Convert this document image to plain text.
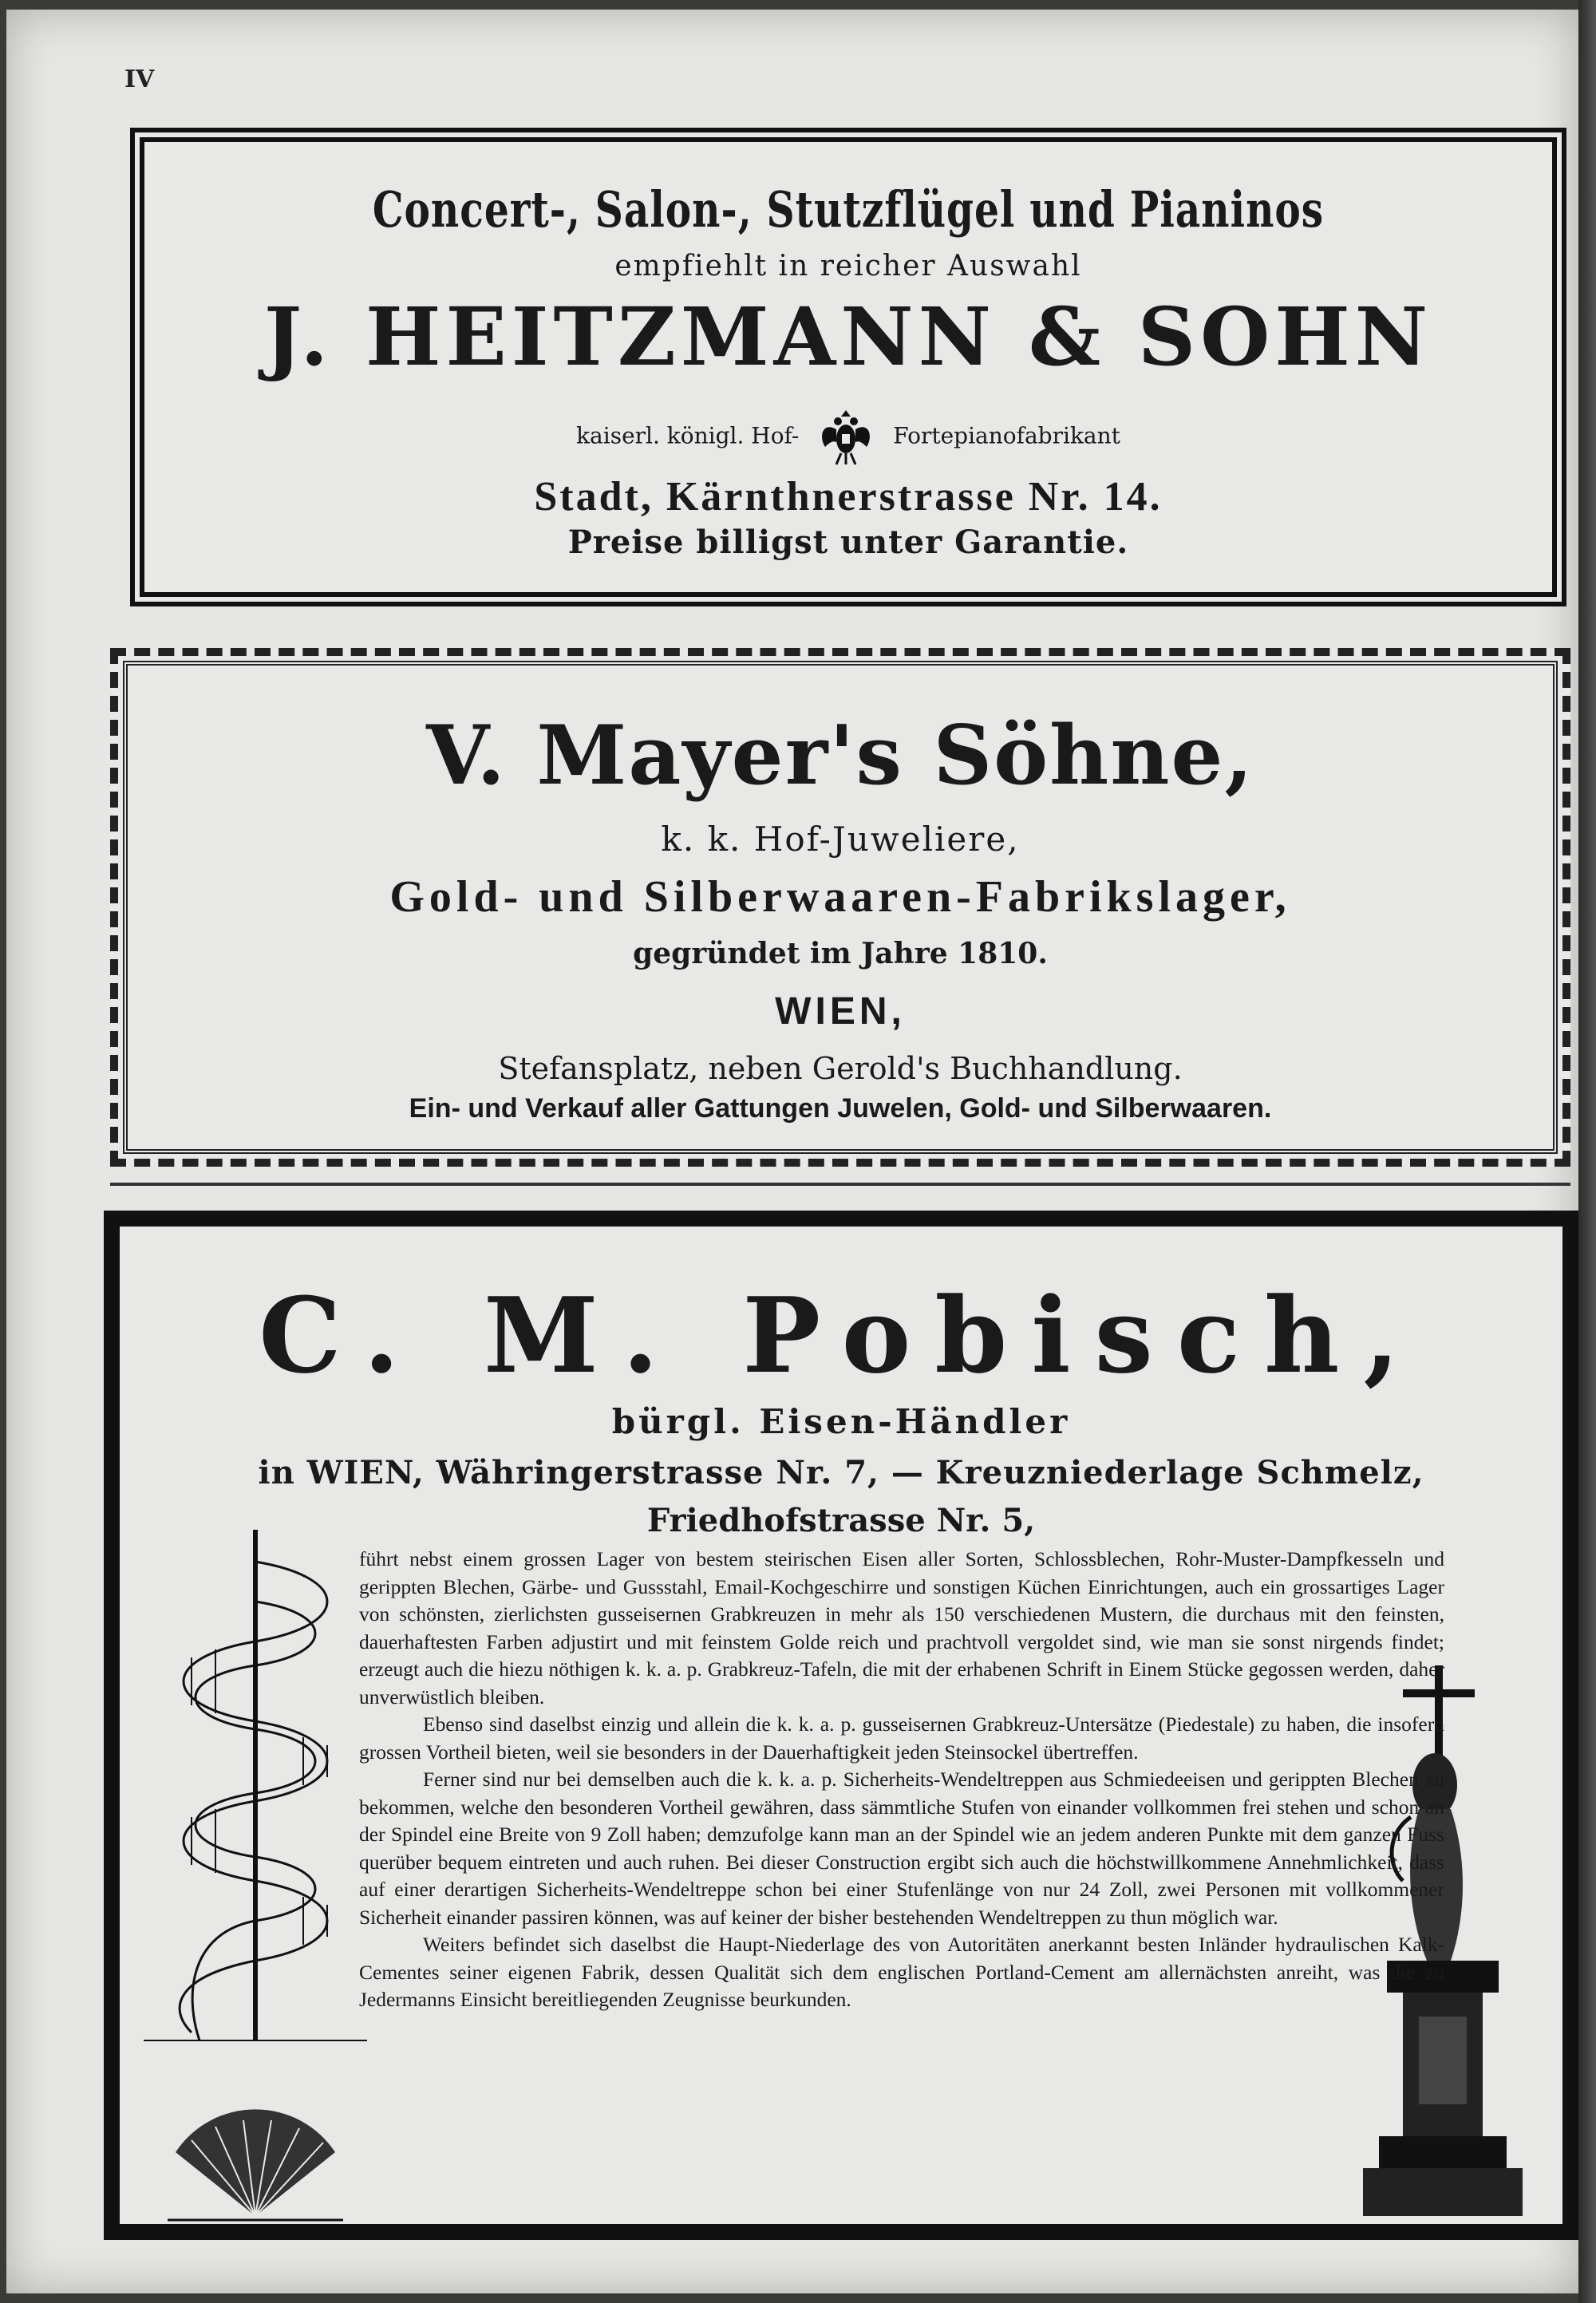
IV
Concert-, Salon-, Stutzflügel und Pianinos
empfiehlt in reicher Auswahl
J. HEITZMANN & SOHN
kaiserl. königl. Hof-	Fortepianofabrikant
Stadt, Kärnthnerstrasse Nr. 14.
Preise billigst unter Garantie.
V. Mayer's Söhne,
k. k. Hof-Juweliere,
Gold- und Silberwaaren-Fabrikslager,
gegründet im Jahre 1810.
WIEN,
Stefansplatz, neben Gerold's Buchhandlung.
Ein- und Verkauf aller Gattungen Juwelen, Gold- und Silberwaaren.
C. M. Pobisch,
bürgl. Eisen-Händler
in WIEN, Währingerstrasse Nr. 7, — Kreuzniederlage Schmelz,
Friedhofstrasse Nr. 5,

führt nebst einem grossen Lager von bestem steirischen Eisen aller Sorten, Schlossblechen, Rohr-Muster-Dampfkesseln und gerippten Blechen, Gärbe- und Gussstahl, Email-Kochgeschirre und sonstigen Küchen Einrichtungen, auch ein grossartiges Lager von schönsten, zierlichsten gusseisernen Grabkreuzen in mehr als 150 verschiedenen Mustern, die durchaus mit den feinsten, dauerhaftesten Farben adjustirt und mit feinstem Golde reich und prachtvoll vergoldet sind, wie man sie sonst nirgends findet; erzeugt auch die hiezu nöthigen k. k. a. p. Grabkreuz-Tafeln, die mit der erhabenen Schrift in Einem Stücke gegossen werden, daher unverwüstlich bleiben.

Ebenso sind daselbst einzig und allein die k. k. a. p. gusseisernen Grabkreuz-Untersätze (Piedestale) zu haben, die insofern grossen Vortheil bieten, weil sie besonders in der Dauerhaftigkeit jeden Steinsockel übertreffen.

Ferner sind nur bei demselben auch die k. k. a. p. Sicherheits-Wendeltreppen aus Schmiedeeisen und gerippten Blechen zu bekommen, welche den besonderen Vortheil gewähren, dass sämmtliche Stufen von einander vollkommen frei stehen und schon an der Spindel eine Breite von 9 Zoll haben; demzufolge kann man an der Spindel wie an jedem anderen Punkte mit dem ganzen Fuss querüber bequem eintreten und auch ruhen. Bei dieser Construction ergibt sich auch die höchstwillkommene Annehmlichkeit, dass auf einer derartigen Sicherheits-Wendeltreppe schon bei einer Stufenlänge von nur 24 Zoll, zwei Personen mit vollkommener Sicherheit einander passiren können, was auf keiner der bisher bestehenden Wendeltreppen zu thun möglich war.

Weiters befindet sich daselbst die Haupt-Niederlage des von Autoritäten anerkannt besten Inländer hydraulischen Kalk-Cementes seiner eigenen Fabrik, dessen Qualität sich dem englischen Portland-Cement am allernächsten anreiht, was die zu Jedermanns Einsicht bereitliegenden Zeugnisse beurkunden.
